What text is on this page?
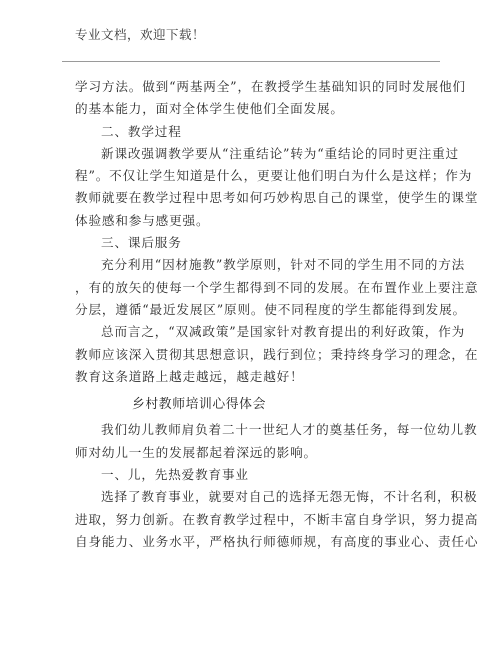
专业文档，欢迎下载！
学习方法。做到“两基两全”，在教授学生基础知识的同时发展他们
的基本能力，面对全体学生使他们全面发展。
二、教学过程
新课改强调教学要从“注重结论”转为“重结论的同时更注重过
程”。不仅让学生知道是什么，更要让他们明白为什么是这样；作为
教师就要在教学过程中思考如何巧妙构思自己的课堂，使学生的课堂
体验感和参与感更强。
三、课后服务
充分利用“因材施教”教学原则，针对不同的学生用不同的方法
，有的放矢的使每一个学生都得到不同的发展。在布置作业上要注意
分层，遵循“最近发展区”原则。使不同程度的学生都能得到发展。
总而言之，“双减政策”是国家针对教育提出的利好政策，作为
教师应该深入贯彻其思想意识，践行到位；秉持终身学习的理念，在
教育这条道路上越走越远，越走越好！
乡村教师培训心得体会
我们幼儿教师肩负着二十一世纪人才的奠基任务，每一位幼儿教
师对幼儿一生的发展都起着深远的影响。
一、儿，先热爱教育事业
选择了教育事业，就要对自己的选择无怨无悔，不计名利，积极
进取，努力创新。在教育教学过程中，不断丰富自身学识，努力提高
自身能力、业务水平，严格执行师德师规，有高度的事业心、责任心
